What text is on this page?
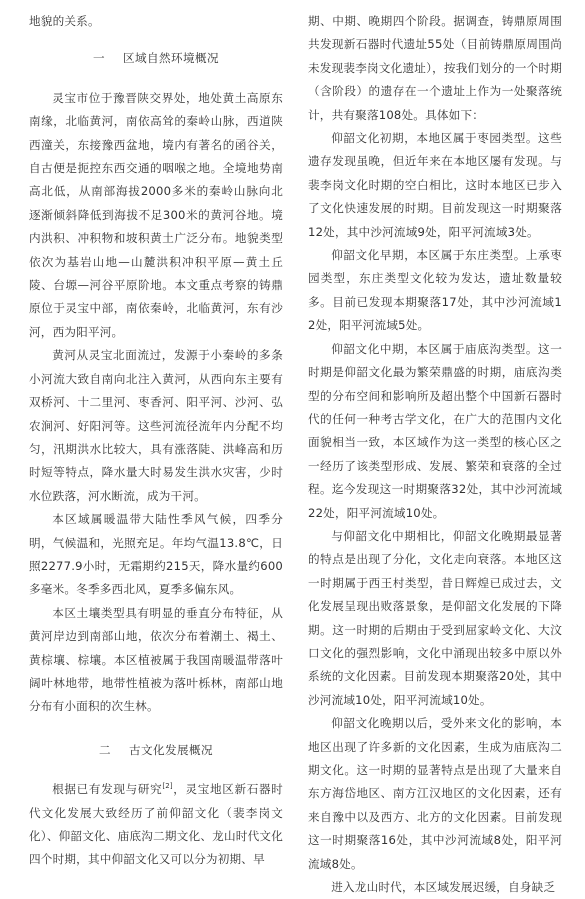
地貌的关系。

一 区域自然环境概况

灵宝市位于豫晋陕交界处，地处黄土高原东南缘，北临黄河，南依高耸的秦岭山脉，西道陕西潼关，东接豫西盆地，境内有著名的函谷关，自古便是扼控东西交通的咽喉之地。全境地势南高北低，从南部海拔2000多米的秦岭山脉向北逐渐倾斜降低到海拔不足300米的黄河谷地。境内洪积、冲积物和坡积黄土广泛分布。地貌类型依次为基岩山地—山麓洪积冲积平原—黄土丘陵、台塬—河谷平原阶地。本文重点考察的铸鼎原位于灵宝中部，南依秦岭，北临黄河，东有沙河，西为阳平河。

黄河从灵宝北面流过，发源于小秦岭的多条小河流大致自南向北注入黄河，从西向东主要有双桥河、十二里河、枣香河、阳平河、沙河、弘农涧河、好阳河等。这些河流径流年内分配不均匀，汛期洪水比较大，具有涨落陡、洪峰高和历时短等特点，降水量大时易发生洪水灾害，少时水位跌落，河水断流，成为干河。

本区域属暖温带大陆性季风气候，四季分明，气候温和，光照充足。年均气温13.8℃，日照2277.9小时，无霜期约215天，降水量约600多毫米。冬季多西北风，夏季多偏东风。

本区土壤类型具有明显的垂直分布特征，从黄河岸边到南部山地，依次分布着潮土、褐土、黄棕壤、棕壤。本区植被属于我国南暖温带落叶阔叶林地带，地带性植被为落叶栎林，南部山地分布有小面积的次生林。

二 古文化发展概况

根据已有发现与研究[2]，灵宝地区新石器时代文化发展大致经历了前仰韶文化（裴李岗文化）、仰韶文化、庙底沟二期文化、龙山时代文化四个时期，其中仰韶文化又可以分为初期、早

期、中期、晚期四个阶段。据调查，铸鼎原周围共发现新石器时代遗址55处（目前铸鼎原周围尚未发现裴李岗文化遗址），按我们划分的一个时期（含阶段）的遗存在一个遗址上作为一处聚落统计，共有聚落108处。具体如下：

仰韶文化初期，本地区属于枣园类型。这些遗存发现虽晚，但近年来在本地区屡有发现。与裴李岗文化时期的空白相比，这时本地区已步入了文化快速发展的时期。目前发现这一时期聚落12处，其中沙河流域9处，阳平河流域3处。

仰韶文化早期，本区属于东庄类型。上承枣园类型，东庄类型文化较为发达，遗址数量较多。目前已发现本期聚落17处，其中沙河流域12处，阳平河流域5处。

仰韶文化中期，本区属于庙底沟类型。这一时期是仰韶文化最为繁荣鼎盛的时期，庙底沟类型的分布空间和影响所及超出整个中国新石器时代的任何一种考古学文化，在广大的范围内文化面貌相当一致，本区域作为这一类型的核心区之一经历了该类型形成、发展、繁荣和衰落的全过程。迄今发现这一时期聚落32处，其中沙河流域22处，阳平河流域10处。

与仰韶文化中期相比，仰韶文化晚期最显著的特点是出现了分化，文化走向衰落。本地区这一时期属于西王村类型，昔日辉煌已成过去，文化发展呈现出败落景象，是仰韶文化发展的下降期。这一时期的后期由于受到屈家岭文化、大汶口文化的强烈影响，文化中涌现出较多中原以外系统的文化因素。目前发现本期聚落20处，其中沙河流域10处，阳平河流域10处。

仰韶文化晚期以后，受外来文化的影响，本地区出现了许多新的文化因素，生成为庙底沟二期文化。这一时期的显著特点是出现了大量来自东方海岱地区、南方江汉地区的文化因素，还有来自豫中以及西方、北方的文化因素。目前发现这一时期聚落16处，其中沙河流域8处，阳平河流域8处。

进入龙山时代，本区域发展迟缓，自身缺乏
